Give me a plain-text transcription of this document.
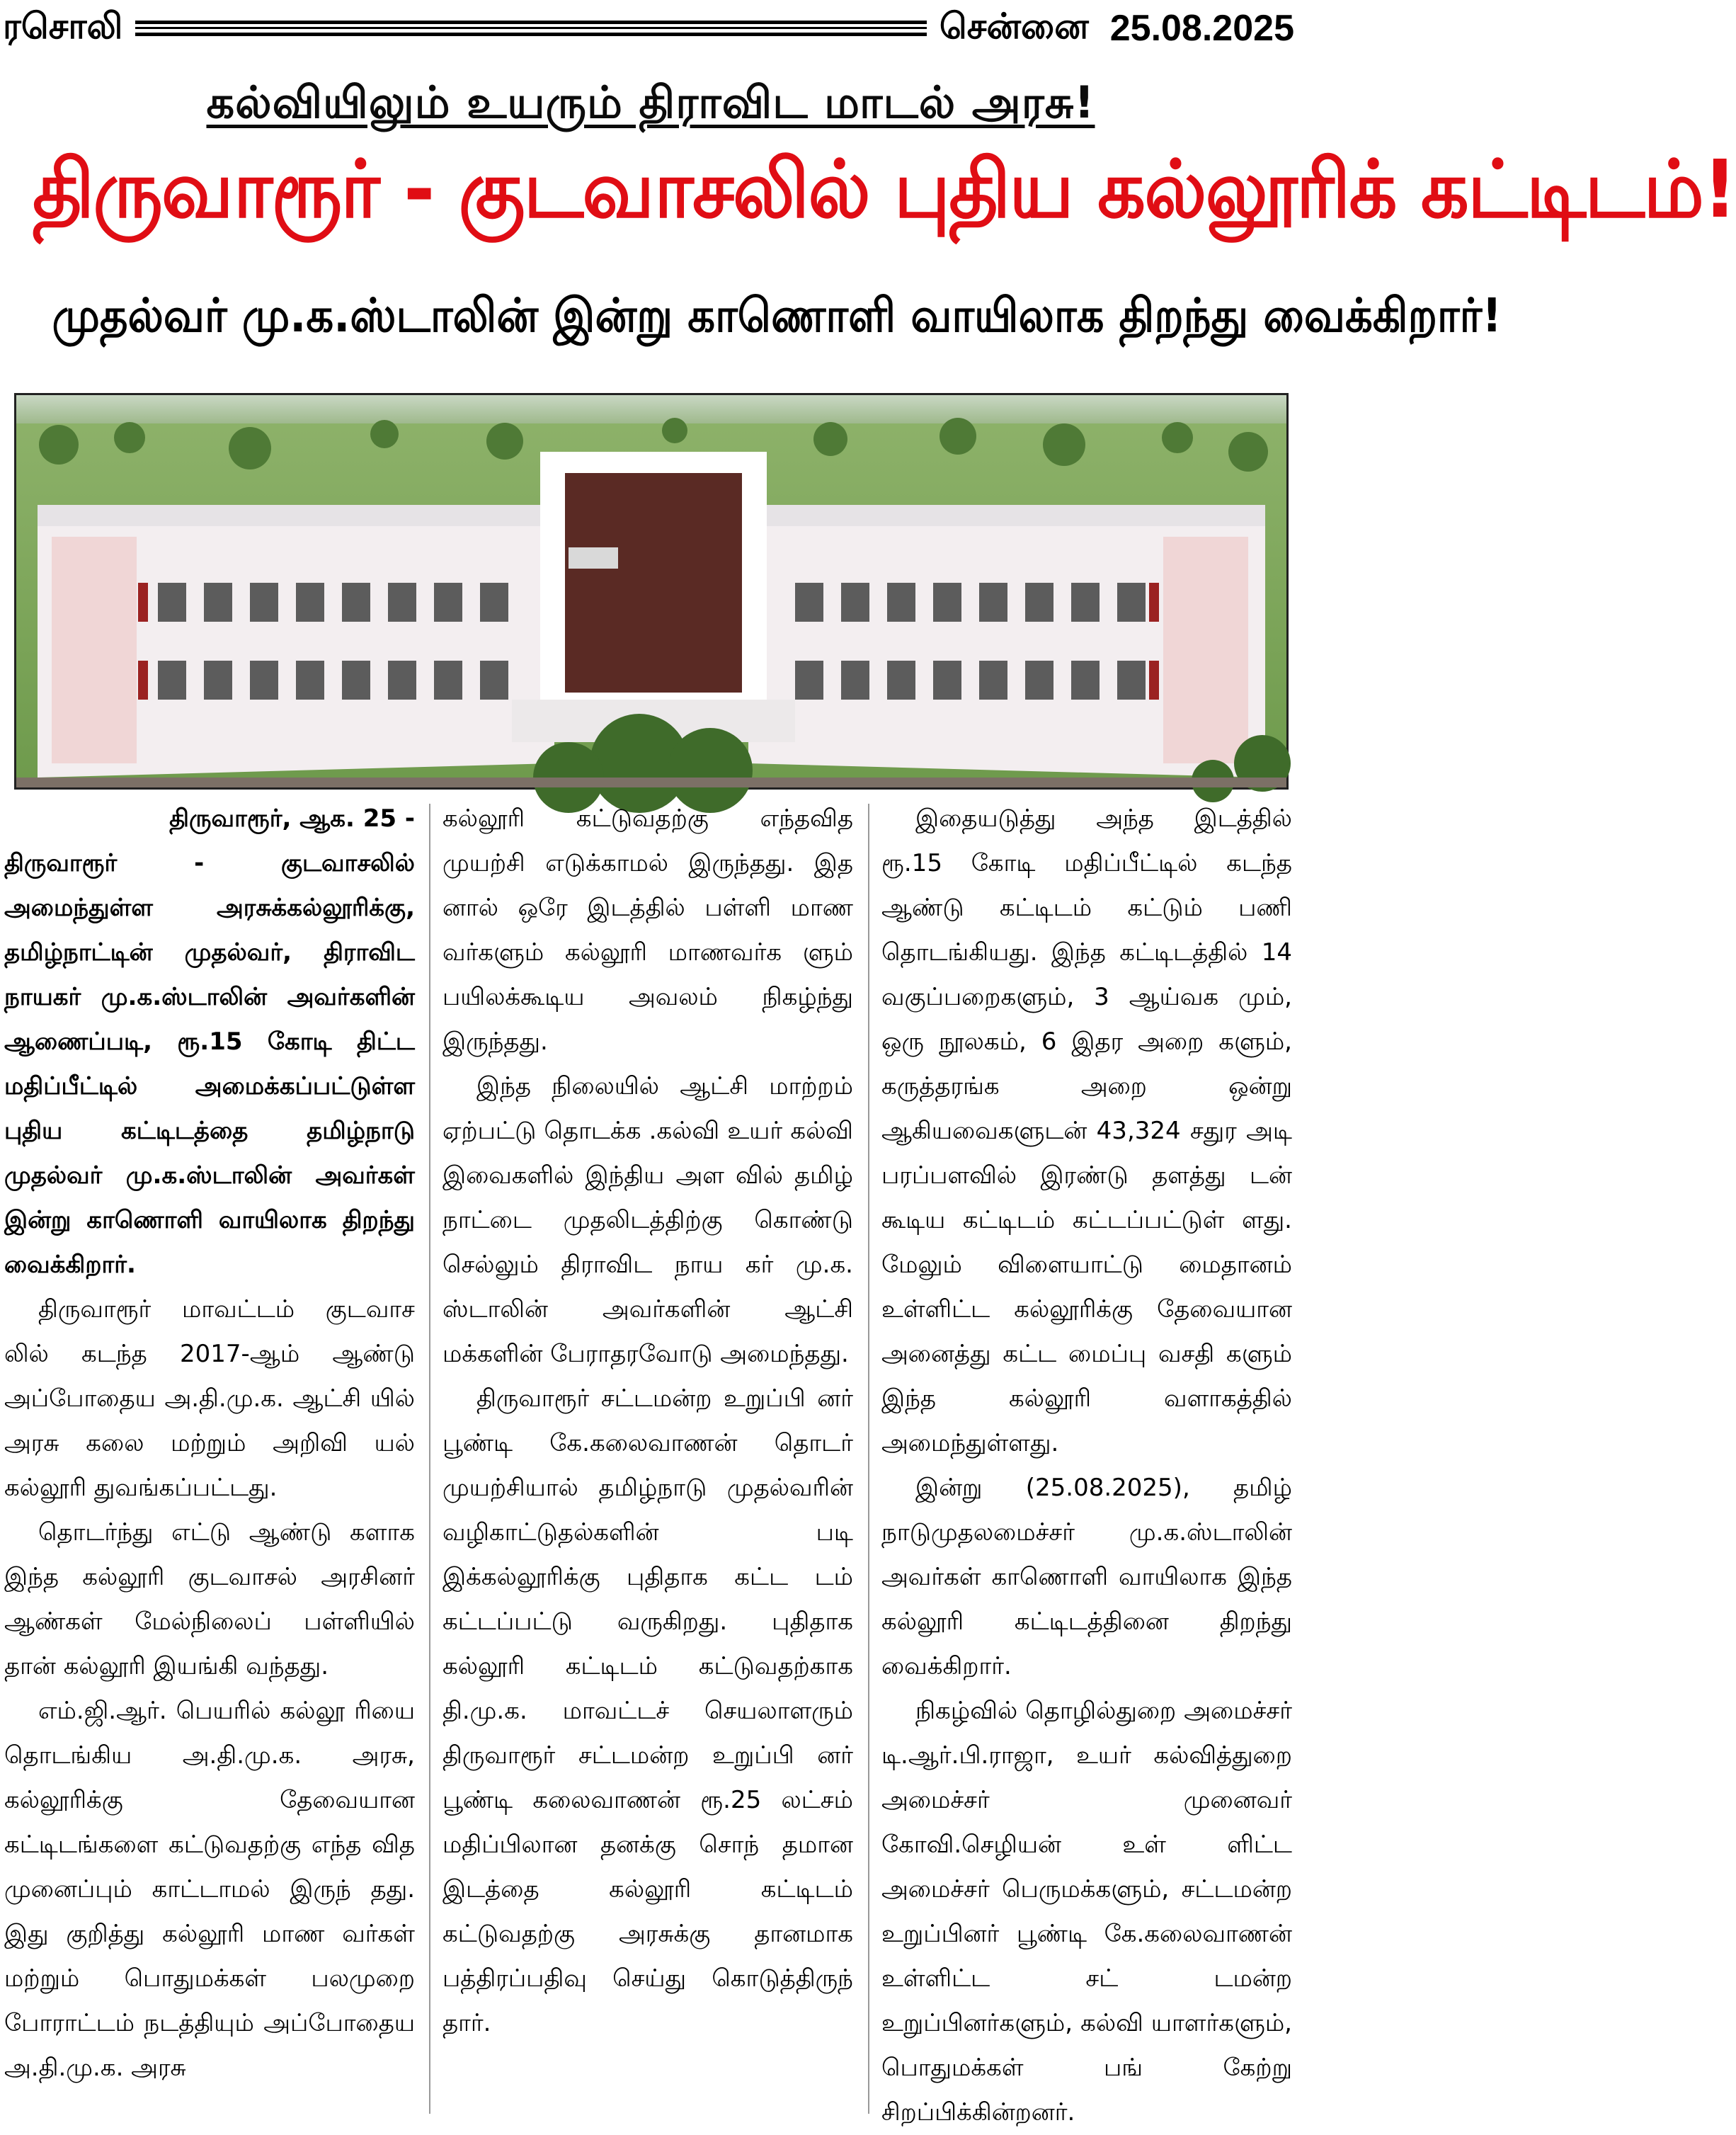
ரசொலி	சென்னை 25.08.2025
கல்வியிலும் உயரும் திராவிட மாடல் அரசு!
திருவாரூர் - குடவாசலில் புதிய கல்லூரிக் கட்டிடம்!
முதல்வர் மு.க.ஸ்டாலின் இன்று காணொளி வாயிலாக திறந்து வைக்கிறார்!

திருவாரூர், ஆக. 25 -

திருவாரூர் - குடவாசலில் அமைந்துள்ள அரசுக்கல்லூரிக்கு, தமிழ்நாட்டின் முதல்வர், திராவிட நாயகர் மு.க.ஸ்டாலின் அவர்களின் ஆணைப்படி, ரூ.15 கோடி திட்ட மதிப்பீட்டில் அமைக்கப்பட்டுள்ள புதிய கட்டிடத்தை தமிழ்நாடு முதல்வர் மு.க.ஸ்டாலின் அவர்கள் இன்று காணொளி வாயிலாக திறந்து வைக்கிறார்.

திருவாரூர் மாவட்டம் குடவாச லில் கடந்த 2017-ஆம் ஆண்டு அப்போதைய அ.தி.மு.க. ஆட்சி யில் அரசு கலை மற்றும் அறிவி யல் கல்லூரி துவங்கப்பட்டது.

தொடர்ந்து எட்டு ஆண்டு களாக இந்த கல்லூரி குடவாசல் அரசினர் ஆண்கள் மேல்நிலைப் பள்ளியில் தான் கல்லூரி இயங்கி வந்தது.

எம்.ஜி.ஆர். பெயரில் கல்லூ ரியை தொடங்கிய அ.தி.மு.க. அரசு, கல்லூரிக்கு தேவையான கட்டிடங்களை கட்டுவதற்கு எந்த வித முனைப்பும் காட்டாமல் இருந் தது. இது குறித்து கல்லூரி மாண வர்கள் மற்றும் பொதுமக்கள் பலமுறை போராட்டம் நடத்தியும் அப்போதைய அ.தி.மு.க. அரசு

கல்லூரி கட்டுவதற்கு எந்தவித முயற்சி எடுக்காமல் இருந்தது. இத னால் ஒரே இடத்தில் பள்ளி மாண வர்களும் கல்லூரி மாணவர்க ளும் பயிலக்கூடிய அவலம் நிகழ்ந்து இருந்தது.

இந்த நிலையில் ஆட்சி மாற்றம் ஏற்பட்டு தொடக்க .கல்வி உயர் கல்வி இவைகளில் இந்திய அள வில் தமிழ் நாட்டை முதலிடத்திற்கு கொண்டு செல்லும் திராவிட நாய கர் மு.க. ஸ்டாலின் அவர்களின் ஆட்சி மக்களின் பேராதரவோடு அமைந்தது.

திருவாரூர் சட்டமன்ற உறுப்பி னர் பூண்டி கே.கலைவாணன் தொடர் முயற்சியால் தமிழ்நாடு முதல்வரின் வழிகாட்டுதல்களின் படி இக்கல்லூரிக்கு புதிதாக கட்ட டம் கட்டப்பட்டு வருகிறது. புதிதாக கல்லூரி கட்டிடம் கட்டுவதற்காக தி.மு.க. மாவட்டச் செயலாளரும் திருவாரூர் சட்டமன்ற உறுப்பி னர் பூண்டி கலைவாணன் ரூ.25 லட்சம் மதிப்பிலான தனக்கு சொந் தமான இடத்தை கல்லூரி கட்டிடம் கட்டுவதற்கு அரசுக்கு தானமாக பத்திரப்பதிவு செய்து கொடுத்திருந் தார்.

இதையடுத்து அந்த இடத்தில் ரூ.15 கோடி மதிப்பீட்டில் கடந்த ஆண்டு கட்டிடம் கட்டும் பணி தொடங்கியது. இந்த கட்டிடத்தில் 14 வகுப்பறைகளும், 3 ஆய்வக மும், ஒரு நூலகம், 6 இதர அறை களும், கருத்தரங்க அறை ஒன்று ஆகியவைகளுடன் 43,324 சதுர அடி பரப்பளவில் இரண்டு தளத்து டன் கூடிய கட்டிடம் கட்டப்பட்டுள் ளது. மேலும் விளையாட்டு மைதானம் உள்ளிட்ட கல்லூரிக்கு தேவையான அனைத்து கட்ட மைப்பு வசதி களும் இந்த கல்லூரி வளாகத்தில் அமைந்துள்ளது.

இன்று (25.08.2025), தமிழ் நாடுமுதலமைச்சர் மு.க.ஸ்டாலின் அவர்கள் காணொளி வாயிலாக இந்த கல்லூரி கட்டிடத்தினை திறந்து வைக்கிறார்.

நிகழ்வில் தொழில்துறை அமைச்சர் டி.ஆர்.பி.ராஜா, உயர் கல்வித்துறை அமைச்சர் முனைவர் கோவி.செழியன் உள் ளிட்ட அமைச்சர் பெருமக்களும், சட்டமன்ற உறுப்பினர் பூண்டி கே.கலைவாணன் உள்ளிட்ட சட் டமன்ற உறுப்பினர்களும், கல்வி யாளர்களும், பொதுமக்கள் பங் கேற்று சிறப்பிக்கின்றனர்.
